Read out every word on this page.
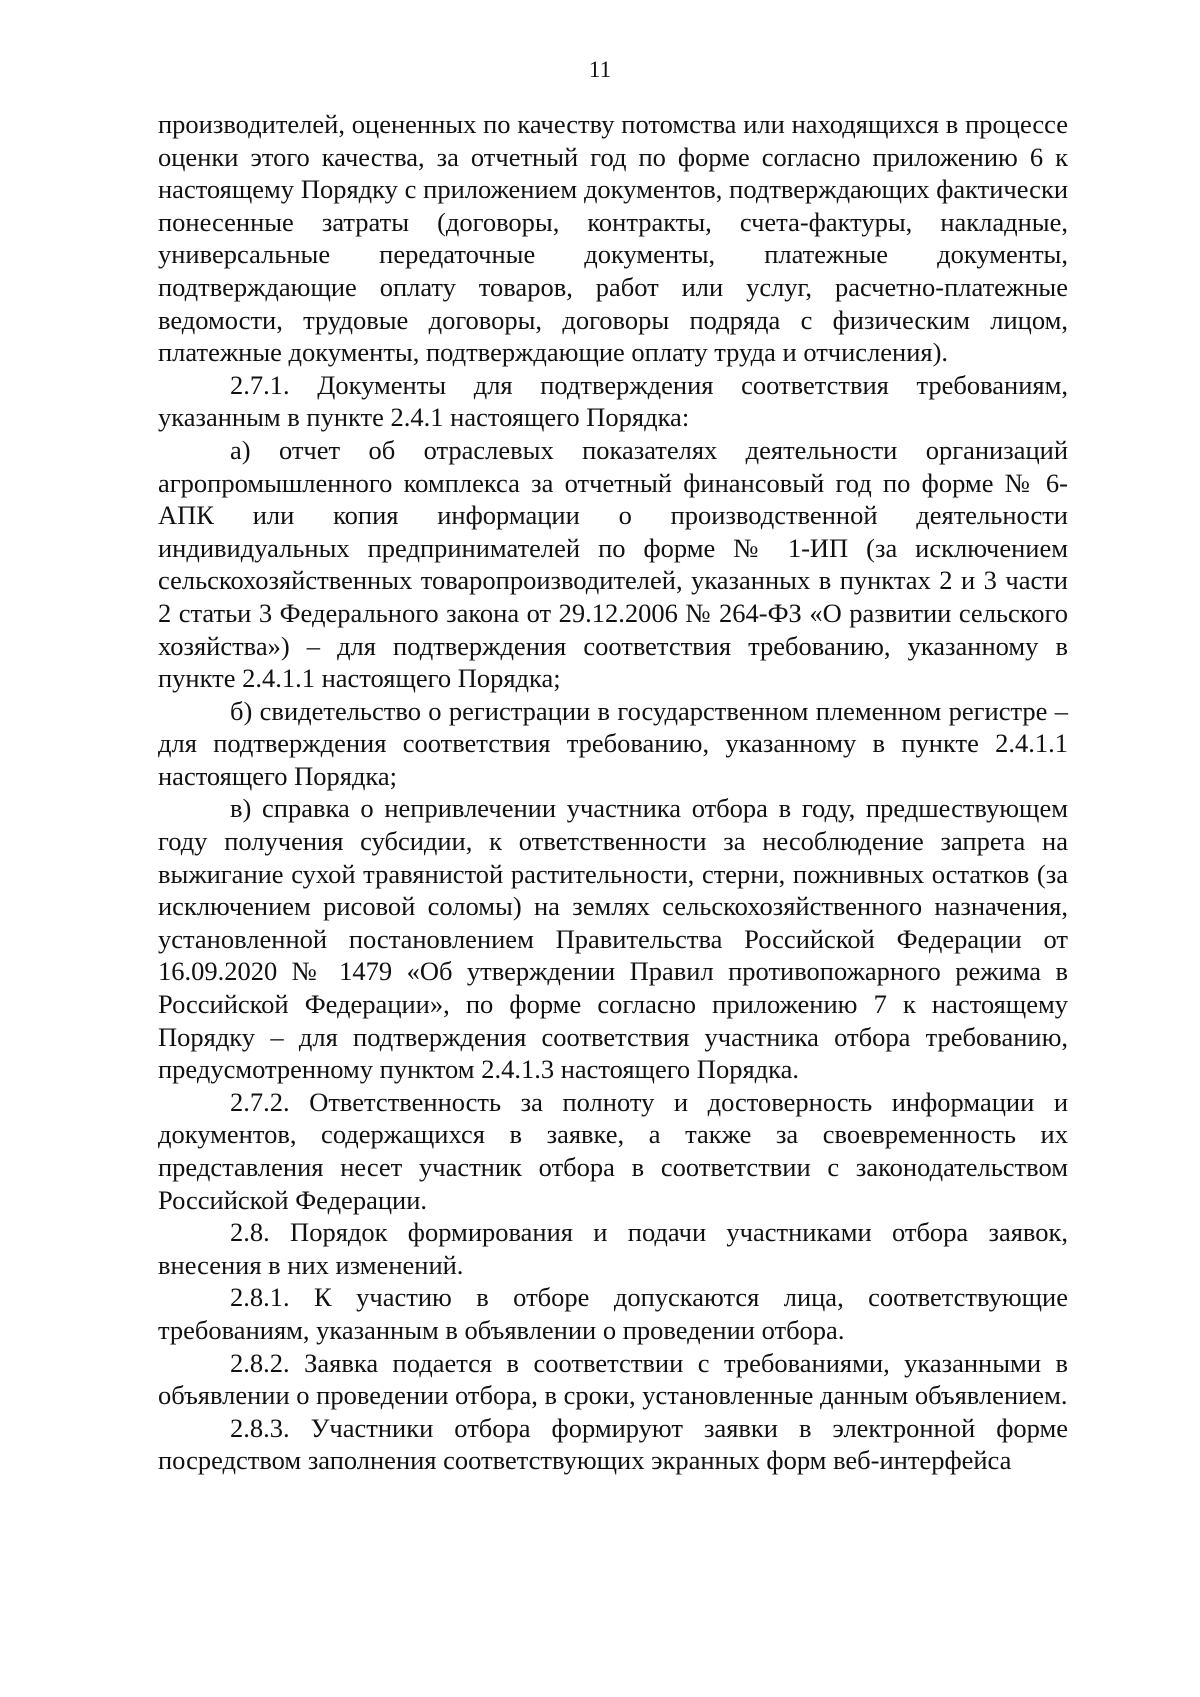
11

производителей, оцененных по качеству потомства или находящихся в процессе оценки этого качества, за отчетный год по форме согласно приложению 6 к настоящему Порядку с приложением документов, подтверждающих фактически понесенные затраты (договоры, контракты, счета-фактуры, накладные, универсальные передаточные документы, платежные документы, подтверждающие оплату товаров, работ или услуг, расчетно-платежные ведомости, трудовые договоры, договоры подряда с физическим лицом, платежные документы, подтверждающие оплату труда и отчисления).

2.7.1. Документы для подтверждения соответствия требованиям, указанным в пункте 2.4.1 настоящего Порядка:

а) отчет об отраслевых показателях деятельности организаций агропромышленного комплекса за отчетный финансовый год по форме № 6-АПК или копия информации о производственной деятельности индивидуальных предпринимателей по форме № 1-ИП (за исключением сельскохозяйственных товаропроизводителей, указанных в пунктах 2 и 3 части 2 статьи 3 Федерального закона от 29.12.2006 № 264-ФЗ «О развитии сельского хозяйства») – для подтверждения соответствия требованию, указанному в пункте 2.4.1.1 настоящего Порядка;

б) свидетельство о регистрации в государственном племенном регистре – для подтверждения соответствия требованию, указанному в пункте 2.4.1.1 настоящего Порядка;

в) справка о непривлечении участника отбора в году, предшествующем году получения субсидии, к ответственности за несоблюдение запрета на выжигание сухой травянистой растительности, стерни, пожнивных остатков (за исключением рисовой соломы) на землях сельскохозяйственного назначения, установленной постановлением Правительства Российской Федерации от 16.09.2020 № 1479 «Об утверждении Правил противопожарного режима в Российской Федерации», по форме согласно приложению 7 к настоящему Порядку – для подтверждения соответствия участника отбора требованию, предусмотренному пунктом 2.4.1.3 настоящего Порядка.

2.7.2. Ответственность за полноту и достоверность информации и документов, содержащихся в заявке, а также за своевременность их представления несет участник отбора в соответствии с законодательством Российской Федерации.

2.8. Порядок формирования и подачи участниками отбора заявок, внесения в них изменений.

2.8.1. К участию в отборе допускаются лица, соответствующие требованиям, указанным в объявлении о проведении отбора.

2.8.2. Заявка подается в соответствии с требованиями, указанными в объявлении о проведении отбора, в сроки, установленные данным объявлением.

2.8.3. Участники отбора формируют заявки в электронной форме посредством заполнения соответствующих экранных форм веб-интерфейса
